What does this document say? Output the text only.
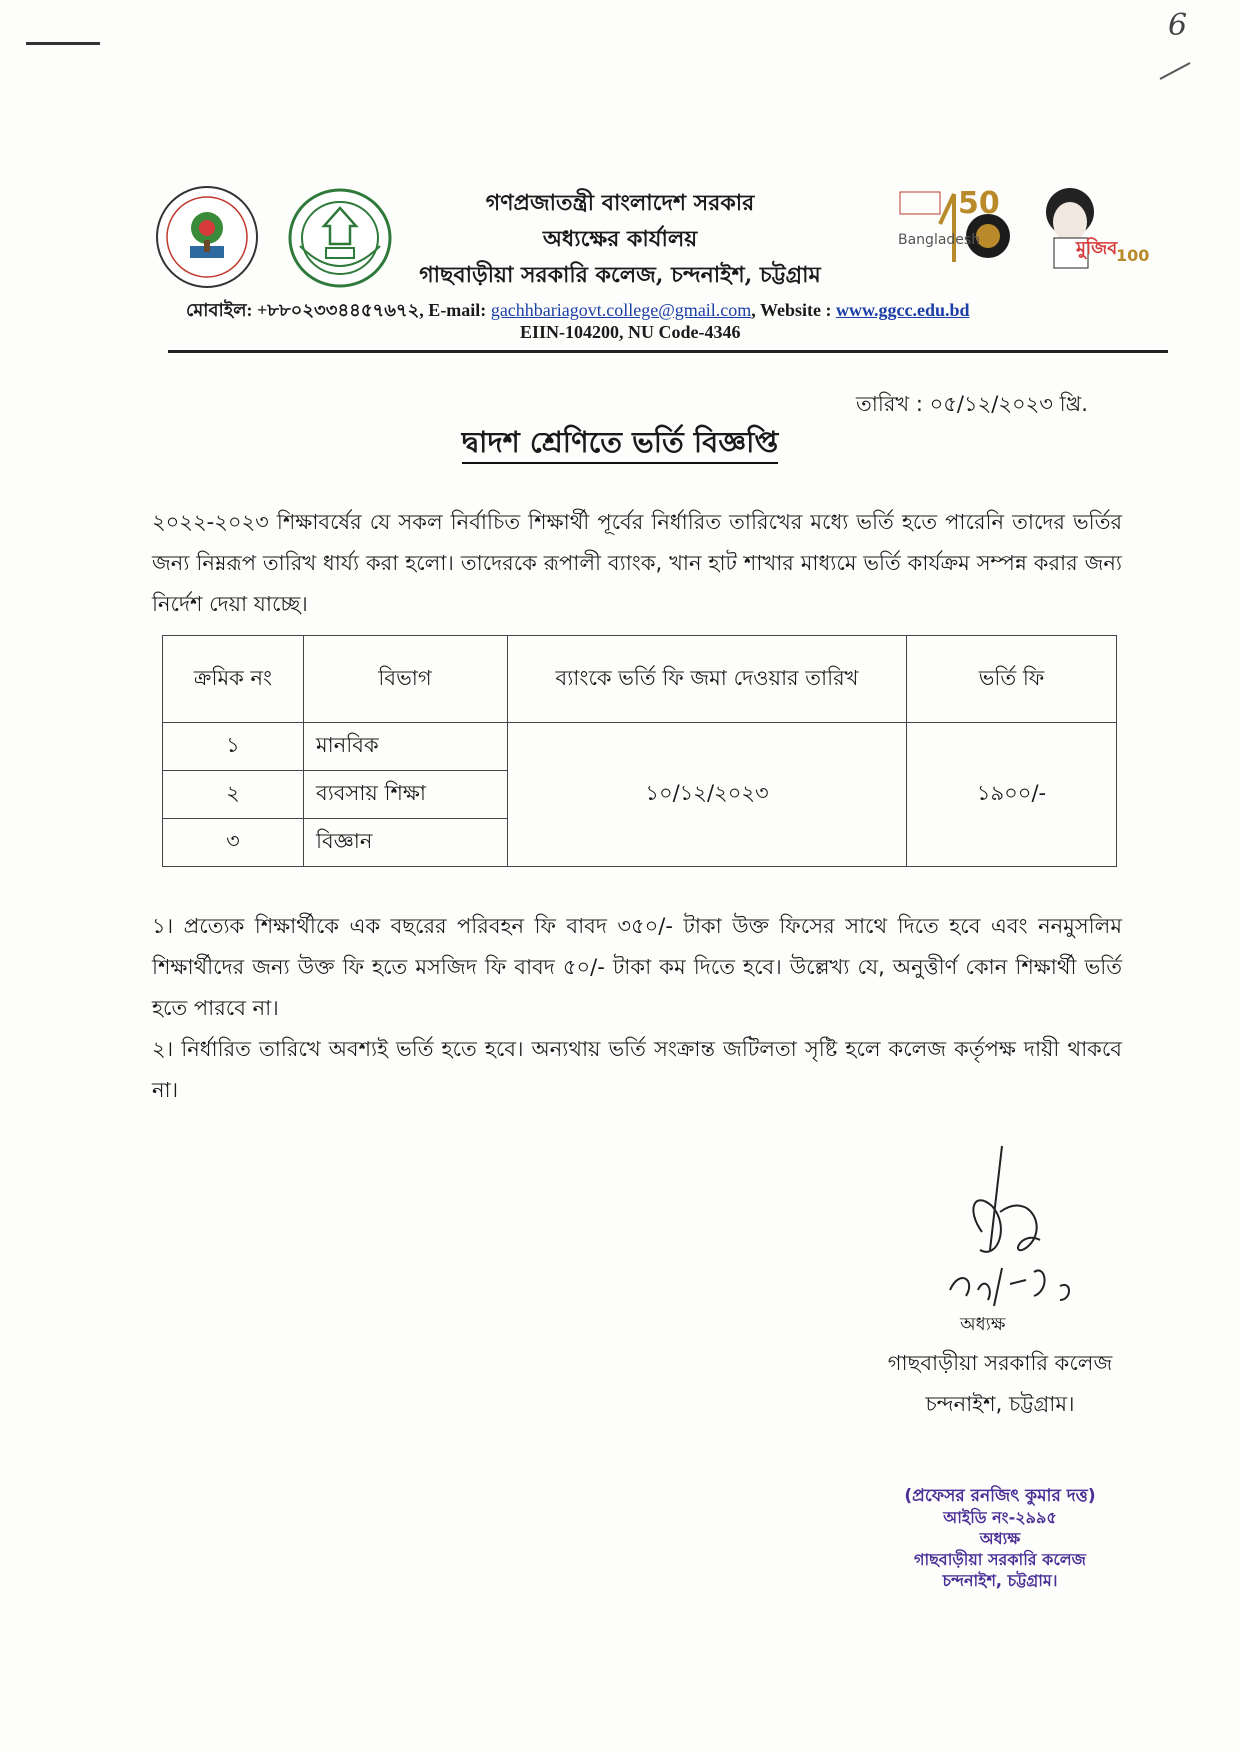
6
50
Bangladesh	মুজিব
100
গণপ্রজাতন্ত্রী বাংলাদেশ সরকার
অধ্যক্ষের কার্যালয়
গাছবাড়ীয়া সরকারি কলেজ, চন্দনাইশ, চট্টগ্রাম
মোবাইল: +৮৮০২৩৩৪৪৫৭৬৭২, E-mail: gachhbariagovt.college@gmail.com, Website : www.ggcc.edu.bd
EIIN-104200, NU Code-4346
তারিখ : ০৫/১২/২০২৩ খ্রি.
দ্বাদশ শ্রেণিতে ভর্তি বিজ্ঞপ্তি
২০২২-২০২৩ শিক্ষাবর্ষের যে সকল নির্বাচিত শিক্ষার্থী পূর্বের নির্ধারিত তারিখের মধ্যে ভর্তি হতে পারেনি তাদের ভর্তির জন্য নিম্নরূপ তারিখ ধার্য্য করা হলো। তাদেরকে রূপালী ব্যাংক, খান হাট শাখার মাধ্যমে ভর্তি কার্যক্রম সম্পন্ন করার জন্য নির্দেশ দেয়া যাচ্ছে।
ক্রমিক নং	বিভাগ	ব্যাংকে ভর্তি ফি জমা দেওয়ার তারিখ	ভর্তি ফি
১	মানবিক	১০/১২/২০২৩	১৯০০/-
২	ব্যবসায় শিক্ষা		
৩	বিজ্ঞান		
১। প্রত্যেক শিক্ষার্থীকে এক বছরের পরিবহন ফি বাবদ ৩৫০/- টাকা উক্ত ফিসের সাথে দিতে হবে এবং ননমুসলিম শিক্ষার্থীদের জন্য উক্ত ফি হতে মসজিদ ফি বাবদ ৫০/- টাকা কম দিতে হবে। উল্লেখ্য যে, অনুত্তীর্ণ কোন শিক্ষার্থী ভর্তি হতে পারবে না।
২। নির্ধারিত তারিখে অবশ্যই ভর্তি হতে হবে। অন্যথায় ভর্তি সংক্রান্ত জটিলতা সৃষ্টি হলে কলেজ কর্তৃপক্ষ দায়ী থাকবে না।
অধ্যক্ষ
গাছবাড়ীয়া সরকারি কলেজ
চন্দনাইশ, চট্টগ্রাম।
(প্রফেসর রনজিৎ কুমার দত্ত)
আইডি নং-২৯৯৫
অধ্যক্ষ
গাছবাড়ীয়া সরকারি কলেজ
চন্দনাইশ, চট্টগ্রাম।
